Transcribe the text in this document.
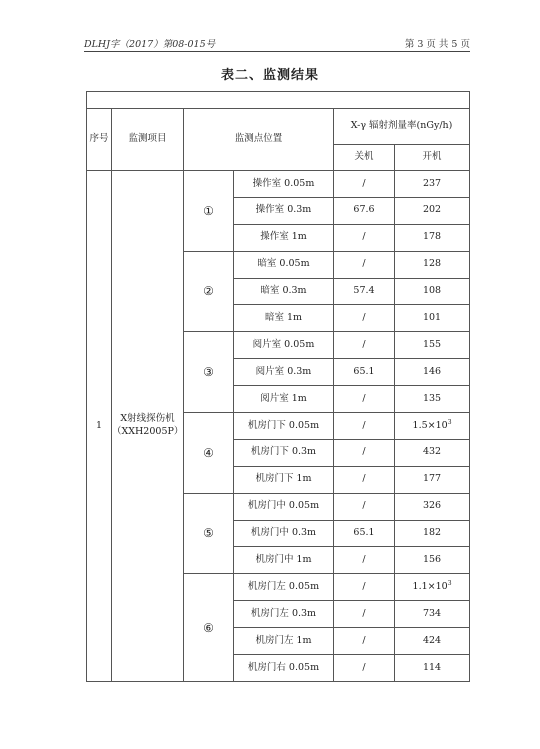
DLHJ字（2017）第08-015号	第 3 页 共 5 页
表二、监测结果

序号	监测项目	监测点位置		X-γ 辐射剂量率(nGy/h)	
				关机	开机
1	X射线探伤机
（XXH2005P）	①	操作室 0.05m	/	237
			操作室 0.3m	67.6	202
			操作室 1m	/	178
		②	暗室 0.05m	/	128
			暗室 0.3m	57.4	108
			暗室 1m	/	101
		③	阅片室 0.05m	/	155
			阅片室 0.3m	65.1	146
			阅片室 1m	/	135
		④	机房门下 0.05m	/	$1.5\times 10^3$
			机房门下 0.3m	/	432
			机房门下 1m	/	177
		⑤	机房门中 0.05m	/	326
			机房门中 0.3m	65.1	182
			机房门中 1m	/	156
		⑥	机房门左 0.05m	/	$1.1\times 10^3$
			机房门左 0.3m	/	734
			机房门左 1m	/	424
			机房门右 0.05m	/	114
